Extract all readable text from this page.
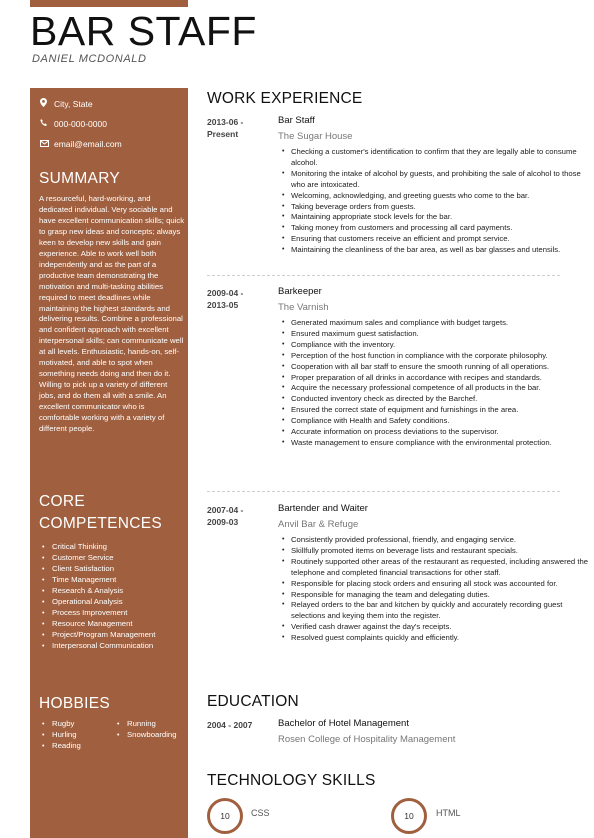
BAR STAFF
DANIEL MCDONALD
City, State
000-000-0000
email@email.com
SUMMARY
A resourceful, hard-working, and dedicated individual. Very sociable and have excellent communication skills; quick to grasp new ideas and concepts; always keen to develop new skills and gain experience. Able to work well both independently and as the part of a productive team demonstrating the motivation and multi-tasking abilities required to meet deadlines while maintaining the highest standards and delivering results. Combine a professional and confident approach with excellent interpersonal skills; can communicate well at all levels. Enthusiastic, hands-on, self-motivated, and able to spot when something needs doing and then do it. Willing to pick up a variety of different jobs, and do them all with a smile. An excellent communicator who is comfortable working with a variety of different people.
CORE
COMPETENCES
• Critical Thinking
• Customer Service
• Client Satisfaction
• Time Management
• Research & Analysis
• Operational Analysis
• Process Improvement
• Resource Management
• Project/Program Management
• Interpersonal Communication
HOBBIES
• Rugby	• Running
• Hurling	• Snowboarding
• Reading
WORK EXPERIENCE
2013-06 -
Present
Bar Staff
The Sugar House
• Checking a customer's identification to confirm that they are legally able to consume alcohol.
• Monitoring the intake of alcohol by guests, and prohibiting the sale of alcohol to those who are intoxicated.
• Welcoming, acknowledging, and greeting guests who come to the bar.
• Taking beverage orders from guests.
• Maintaining appropriate stock levels for the bar.
• Taking money from customers and processing all card payments.
• Ensuring that customers receive an efficient and prompt service.
• Maintaining the cleanliness of the bar area, as well as bar glasses and utensils.
2009-04 -
2013-05
Barkeeper
The Varnish
• Generated maximum sales and compliance with budget targets.
• Ensured maximum guest satisfaction.
• Compliance with the inventory.
• Perception of the host function in compliance with the corporate philosophy.
• Cooperation with all bar staff to ensure the smooth running of all operations.
• Proper preparation of all drinks in accordance with recipes and standards.
• Acquire the necessary professional competence of all products in the bar.
• Conducted inventory check as directed by the Barchef.
• Ensured the correct state of equipment and furnishings in the area.
• Compliance with Health and Safety conditions.
• Accurate information on process deviations to the supervisor.
• Waste management to ensure compliance with the environmental protection.
2007-04 -
2009-03
Bartender and Waiter
Anvil Bar & Refuge
• Consistently provided professional, friendly, and engaging service.
• Skillfully promoted items on beverage lists and restaurant specials.
• Routinely supported other areas of the restaurant as requested, including answered the telephone and completed financial transactions for other staff.
• Responsible for placing stock orders and ensuring all stock was accounted for.
• Responsible for managing the team and delegating duties.
• Relayed orders to the bar and kitchen by quickly and accurately recording guest selections and keying them into the register.
• Verified cash drawer against the day's receipts.
• Resolved guest complaints quickly and efficiently.
EDUCATION
2004 - 2007	Bachelor of Hotel Management
Rosen College of Hospitality Management
TECHNOLOGY SKILLS
10 CSS	10 HTML
